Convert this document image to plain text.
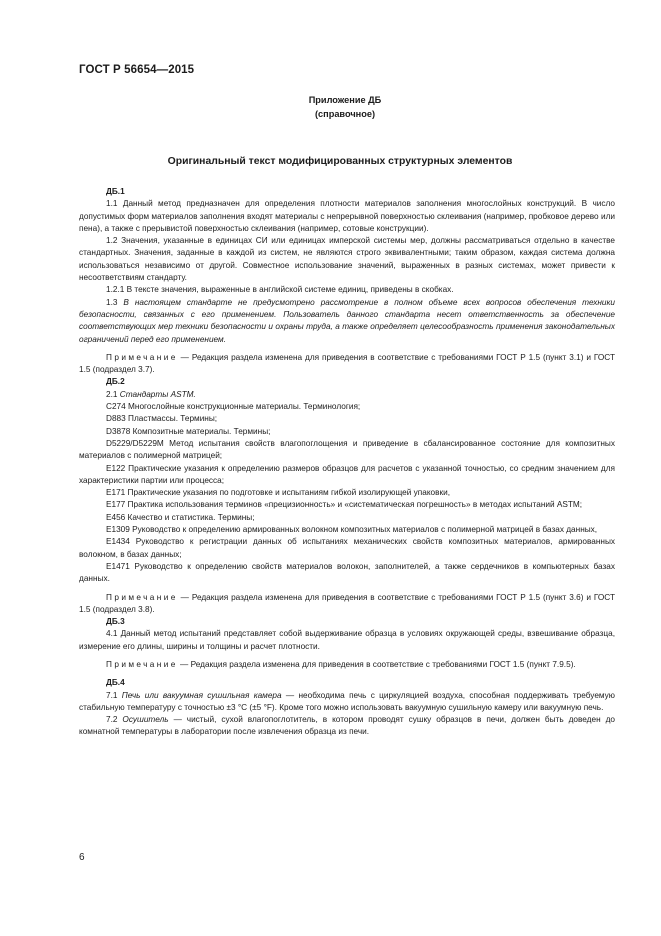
ГОСТ Р 56654—2015
Приложение ДБ
(справочное)
Оригинальный текст модифицированных структурных элементов

ДБ.1

1.1 Данный метод предназначен для определения плотности материалов заполнения многослойных конструкций. В число допустимых форм материалов заполнения входят материалы с непрерывной поверхностью склеивания (например, пробковое дерево или пена), а также с прерывистой поверхностью склеивания (например, сотовые конструкции).

1.2 Значения, указанные в единицах СИ или единицах имперской системы мер, должны рассматриваться отдельно в качестве стандартных. Значения, заданные в каждой из систем, не являются строго эквивалентными; таким образом, каждая система должна использоваться независимо от другой. Совместное использование значений, выраженных в разных системах, может привести к несоответствиям стандарту.

1.2.1 В тексте значения, выраженные в английской системе единиц, приведены в скобках.

1.3 В настоящем стандарте не предусмотрено рассмотрение в полном объеме всех вопросов обеспечения техники безопасности, связанных с его применением. Пользователь данного стандарта несет ответственность за обеспечение соответствующих мер техники безопасности и охраны труда, а также определяет целесообразность применения законодательных ограничений перед его применением.

Примечание — Редакция раздела изменена для приведения в соответствие с требованиями ГОСТ Р 1.5 (пункт 3.1) и ГОСТ 1.5 (подраздел 3.7).

ДБ.2

2.1 Стандарты ASTM.

C274 Многослойные конструкционные материалы. Терминология;

D883 Пластмассы. Термины;

D3878 Композитные материалы. Термины;

D5229/D5229M Метод испытания свойств влагопоглощения и приведение в сбалансированное состояние для композитных материалов с полимерной матрицей;

E122 Практические указания к определению размеров образцов для расчетов с указанной точностью, со средним значением для характеристики партии или процесса;

E171 Практические указания по подготовке и испытаниям гибкой изолирующей упаковки,

E177 Практика использования терминов «прецизионность» и «систематическая погрешность» в методах испытаний ASTM;

E456 Качество и статистика. Термины;

E1309 Руководство к определению армированных волокном композитных материалов с полимерной матрицей в базах данных,

E1434 Руководство к регистрации данных об испытаниях механических свойств композитных материалов, армированных волокном, в базах данных;

E1471 Руководство к определению свойств материалов волокон, заполнителей, а также сердечников в компьютерных базах данных.

Примечание — Редакция раздела изменена для приведения в соответствие с требованиями ГОСТ Р 1.5 (пункт 3.6) и ГОСТ 1.5 (подраздел 3.8).

ДБ.3

4.1 Данный метод испытаний представляет собой выдерживание образца в условиях окружающей среды, взвешивание образца, измерение его длины, ширины и толщины и расчет плотности.

Примечание — Редакция раздела изменена для приведения в соответствие с требованиями ГОСТ 1.5 (пункт 7.9.5).

ДБ.4

7.1 Печь или вакуумная сушильная камера — необходима печь с циркуляцией воздуха, способная поддерживать требуемую стабильную температуру с точностью ±3 °С (±5 °F). Кроме того можно использовать вакуумную сушильную камеру или вакуумную печь.

7.2 Осушитель — чистый, сухой влагопоглотитель, в котором проводят сушку образцов в печи, должен быть доведен до комнатной температуры в лаборатории после извлечения образца из печи.

6
